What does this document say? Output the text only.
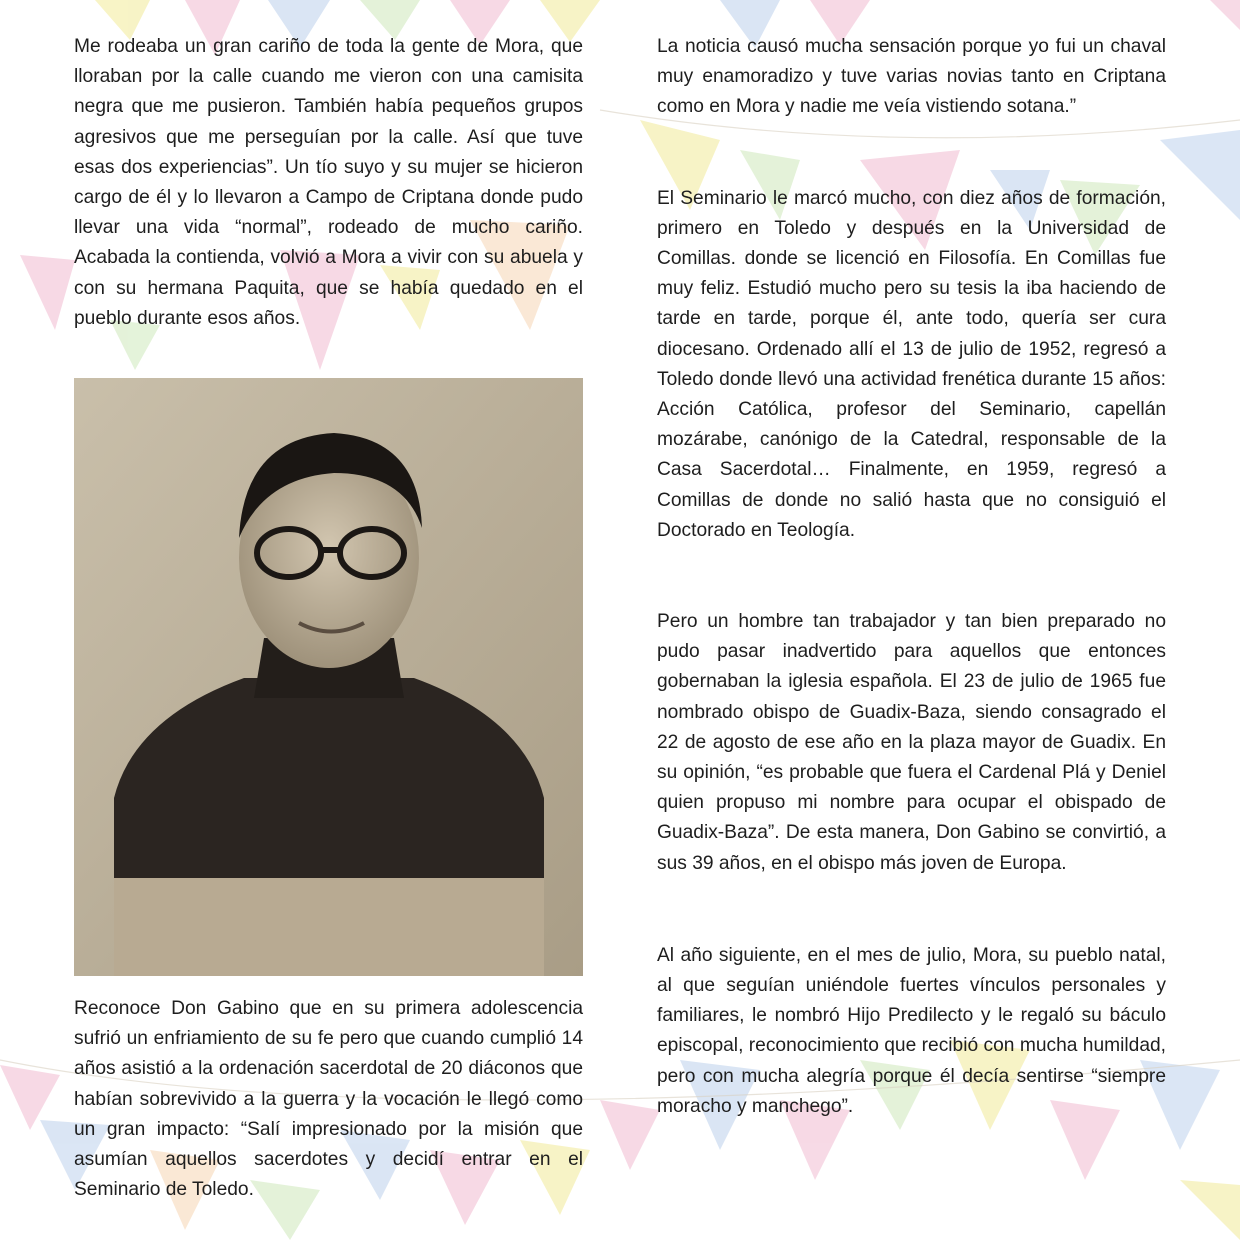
Me rodeaba un gran cariño de toda la gente de Mora, que lloraban por la calle cuando me vieron con una camisita negra que me pusieron. También había pequeños grupos agresivos que me perseguían por la calle. Así que tuve esas dos experiencias”. Un tío suyo y su mujer se hicieron cargo de él y lo llevaron a Campo de Criptana donde pudo llevar una vida “normal”, rodeado de mucho cariño. Acabada la contienda, volvió a Mora a vivir con su abuela y con su hermana Paquita, que se había quedado en el pueblo durante esos años.

Reconoce Don Gabino que en su primera adolescencia sufrió un enfriamiento de su fe pero que cuando cumplió 14 años asistió a la ordenación sacerdotal de 20 diáconos que habían sobrevivido a la guerra y la vocación le llegó como un gran impacto: “Salí impresionado por la misión que asumían aquellos sacerdotes y decidí entrar en el Seminario de Toledo.

La noticia causó mucha sensación porque yo fui un chaval muy enamoradizo y tuve varias novias tanto en Criptana como en Mora y nadie me veía vistiendo sotana.”

El Seminario le marcó mucho, con diez años de formación, primero en Toledo y después en la Universidad de Comillas. donde se licenció en Filosofía. En Comillas fue muy feliz. Estudió mucho pero su tesis la iba haciendo de tarde en tarde, porque él, ante todo, quería ser cura diocesano. Ordenado allí el 13 de julio de 1952, regresó a Toledo donde llevó una actividad frenética durante 15 años: Acción Católica, profesor del Seminario, capellán mozárabe, canónigo de la Catedral, responsable de la Casa Sacerdotal… Finalmente, en 1959, regresó a Comillas de donde no salió hasta que no consiguió el Doctorado en Teología.

Pero un hombre tan trabajador y tan bien preparado no pudo pasar inadvertido para aquellos que entonces gobernaban la iglesia española. El 23 de julio de 1965 fue nombrado obispo de Guadix-Baza, siendo consagrado el 22 de agosto de ese año en la plaza mayor de Guadix. En su opinión, “es probable que fuera el Cardenal Plá y Deniel quien propuso mi nombre para ocupar el obispado de Guadix-Baza”. De esta manera, Don Gabino se convirtió, a sus 39 años, en el obispo más joven de Europa.

Al año siguiente, en el mes de julio, Mora, su pueblo natal, al que seguían uniéndole fuertes vínculos personales y familiares, le nombró Hijo Predilecto y le regaló su báculo episcopal, reconocimiento que recibió con mucha humildad, pero con mucha alegría porque él decía sentirse “siempre moracho y manchego”.
